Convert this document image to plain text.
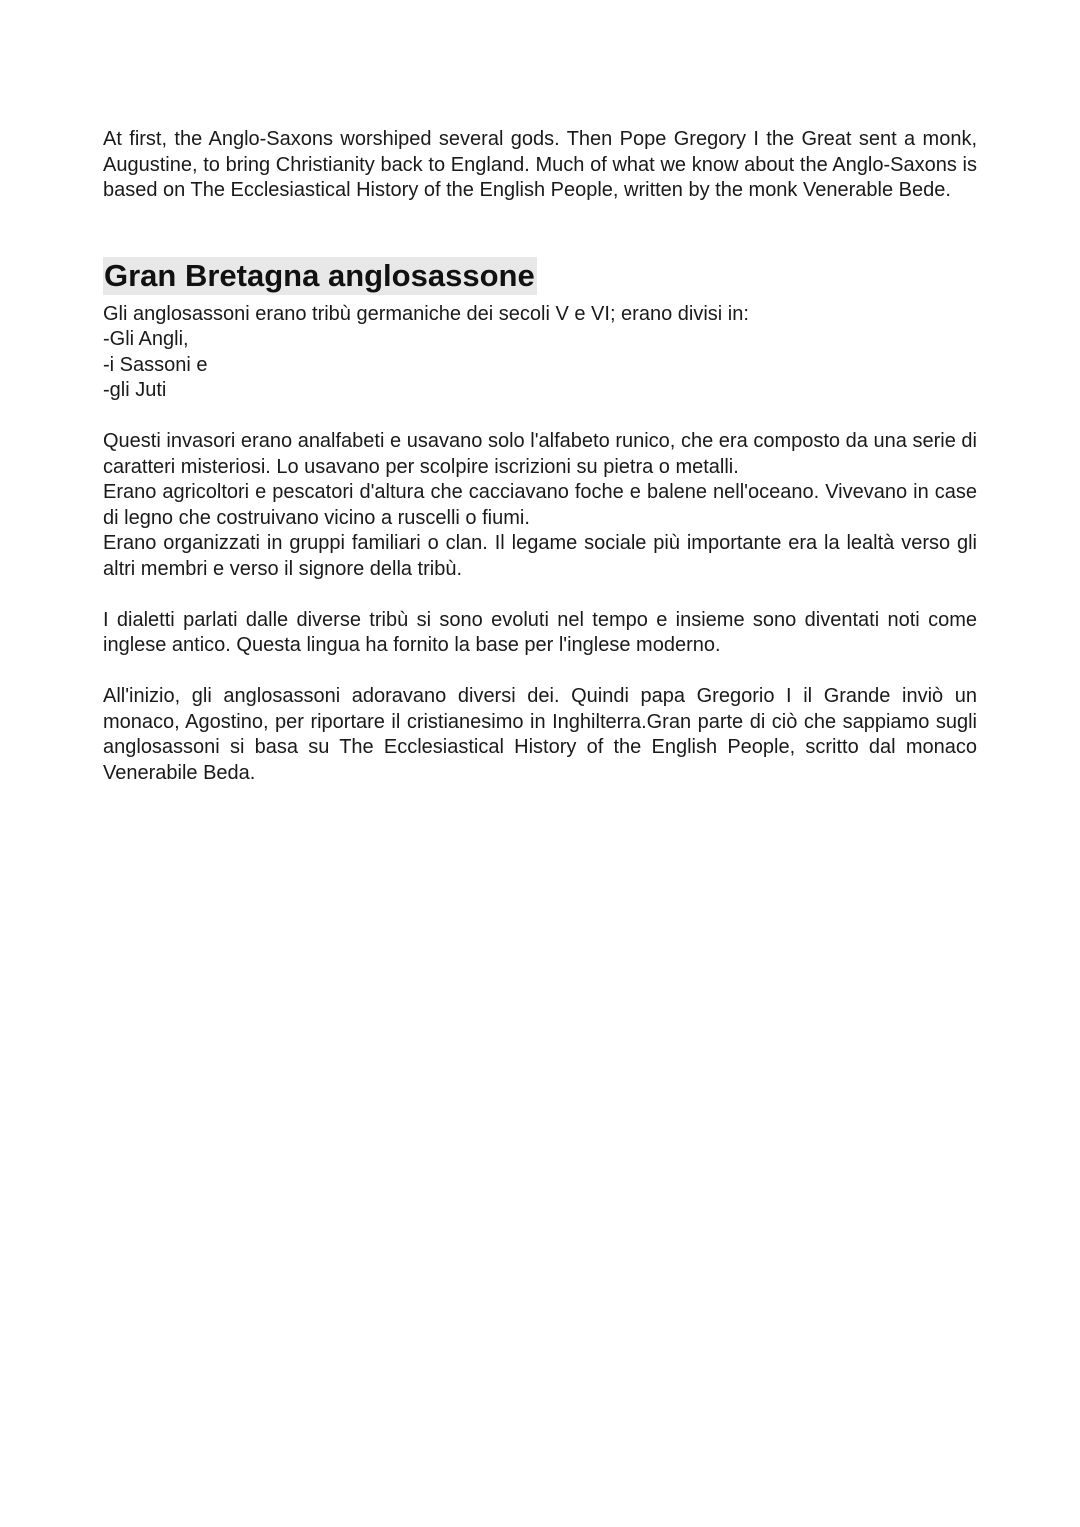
At first, the Anglo-Saxons worshiped several gods. Then Pope Gregory I the Great sent a monk, Augustine, to bring Christianity back to England. Much of what we know about the Anglo-Saxons is based on The Ecclesiastical History of the English People, written by the monk Venerable Bede.

Gran Bretagna anglosassone

Gli anglosassoni erano tribù germaniche dei secoli V e VI; erano divisi in:

-Gli Angli,
-i Sassoni e
-gli Juti

Questi invasori erano analfabeti e usavano solo l'alfabeto runico, che era composto da una serie di caratteri misteriosi. Lo usavano per scolpire iscrizioni su pietra o metalli.

Erano agricoltori e pescatori d'altura che cacciavano foche e balene nell'oceano. Vivevano in case di legno che costruivano vicino a ruscelli o fiumi.

Erano organizzati in gruppi familiari o clan. Il legame sociale più importante era la lealtà verso gli altri membri e verso il signore della tribù.

I dialetti parlati dalle diverse tribù si sono evoluti nel tempo e insieme sono diventati noti come inglese antico. Questa lingua ha fornito la base per l'inglese moderno.

All'inizio, gli anglosassoni adoravano diversi dei. Quindi papa Gregorio I il Grande inviò un monaco, Agostino, per riportare il cristianesimo in Inghilterra.Gran parte di ciò che sappiamo sugli anglosassoni si basa su The Ecclesiastical History of the English People, scritto dal monaco Venerabile Beda.
